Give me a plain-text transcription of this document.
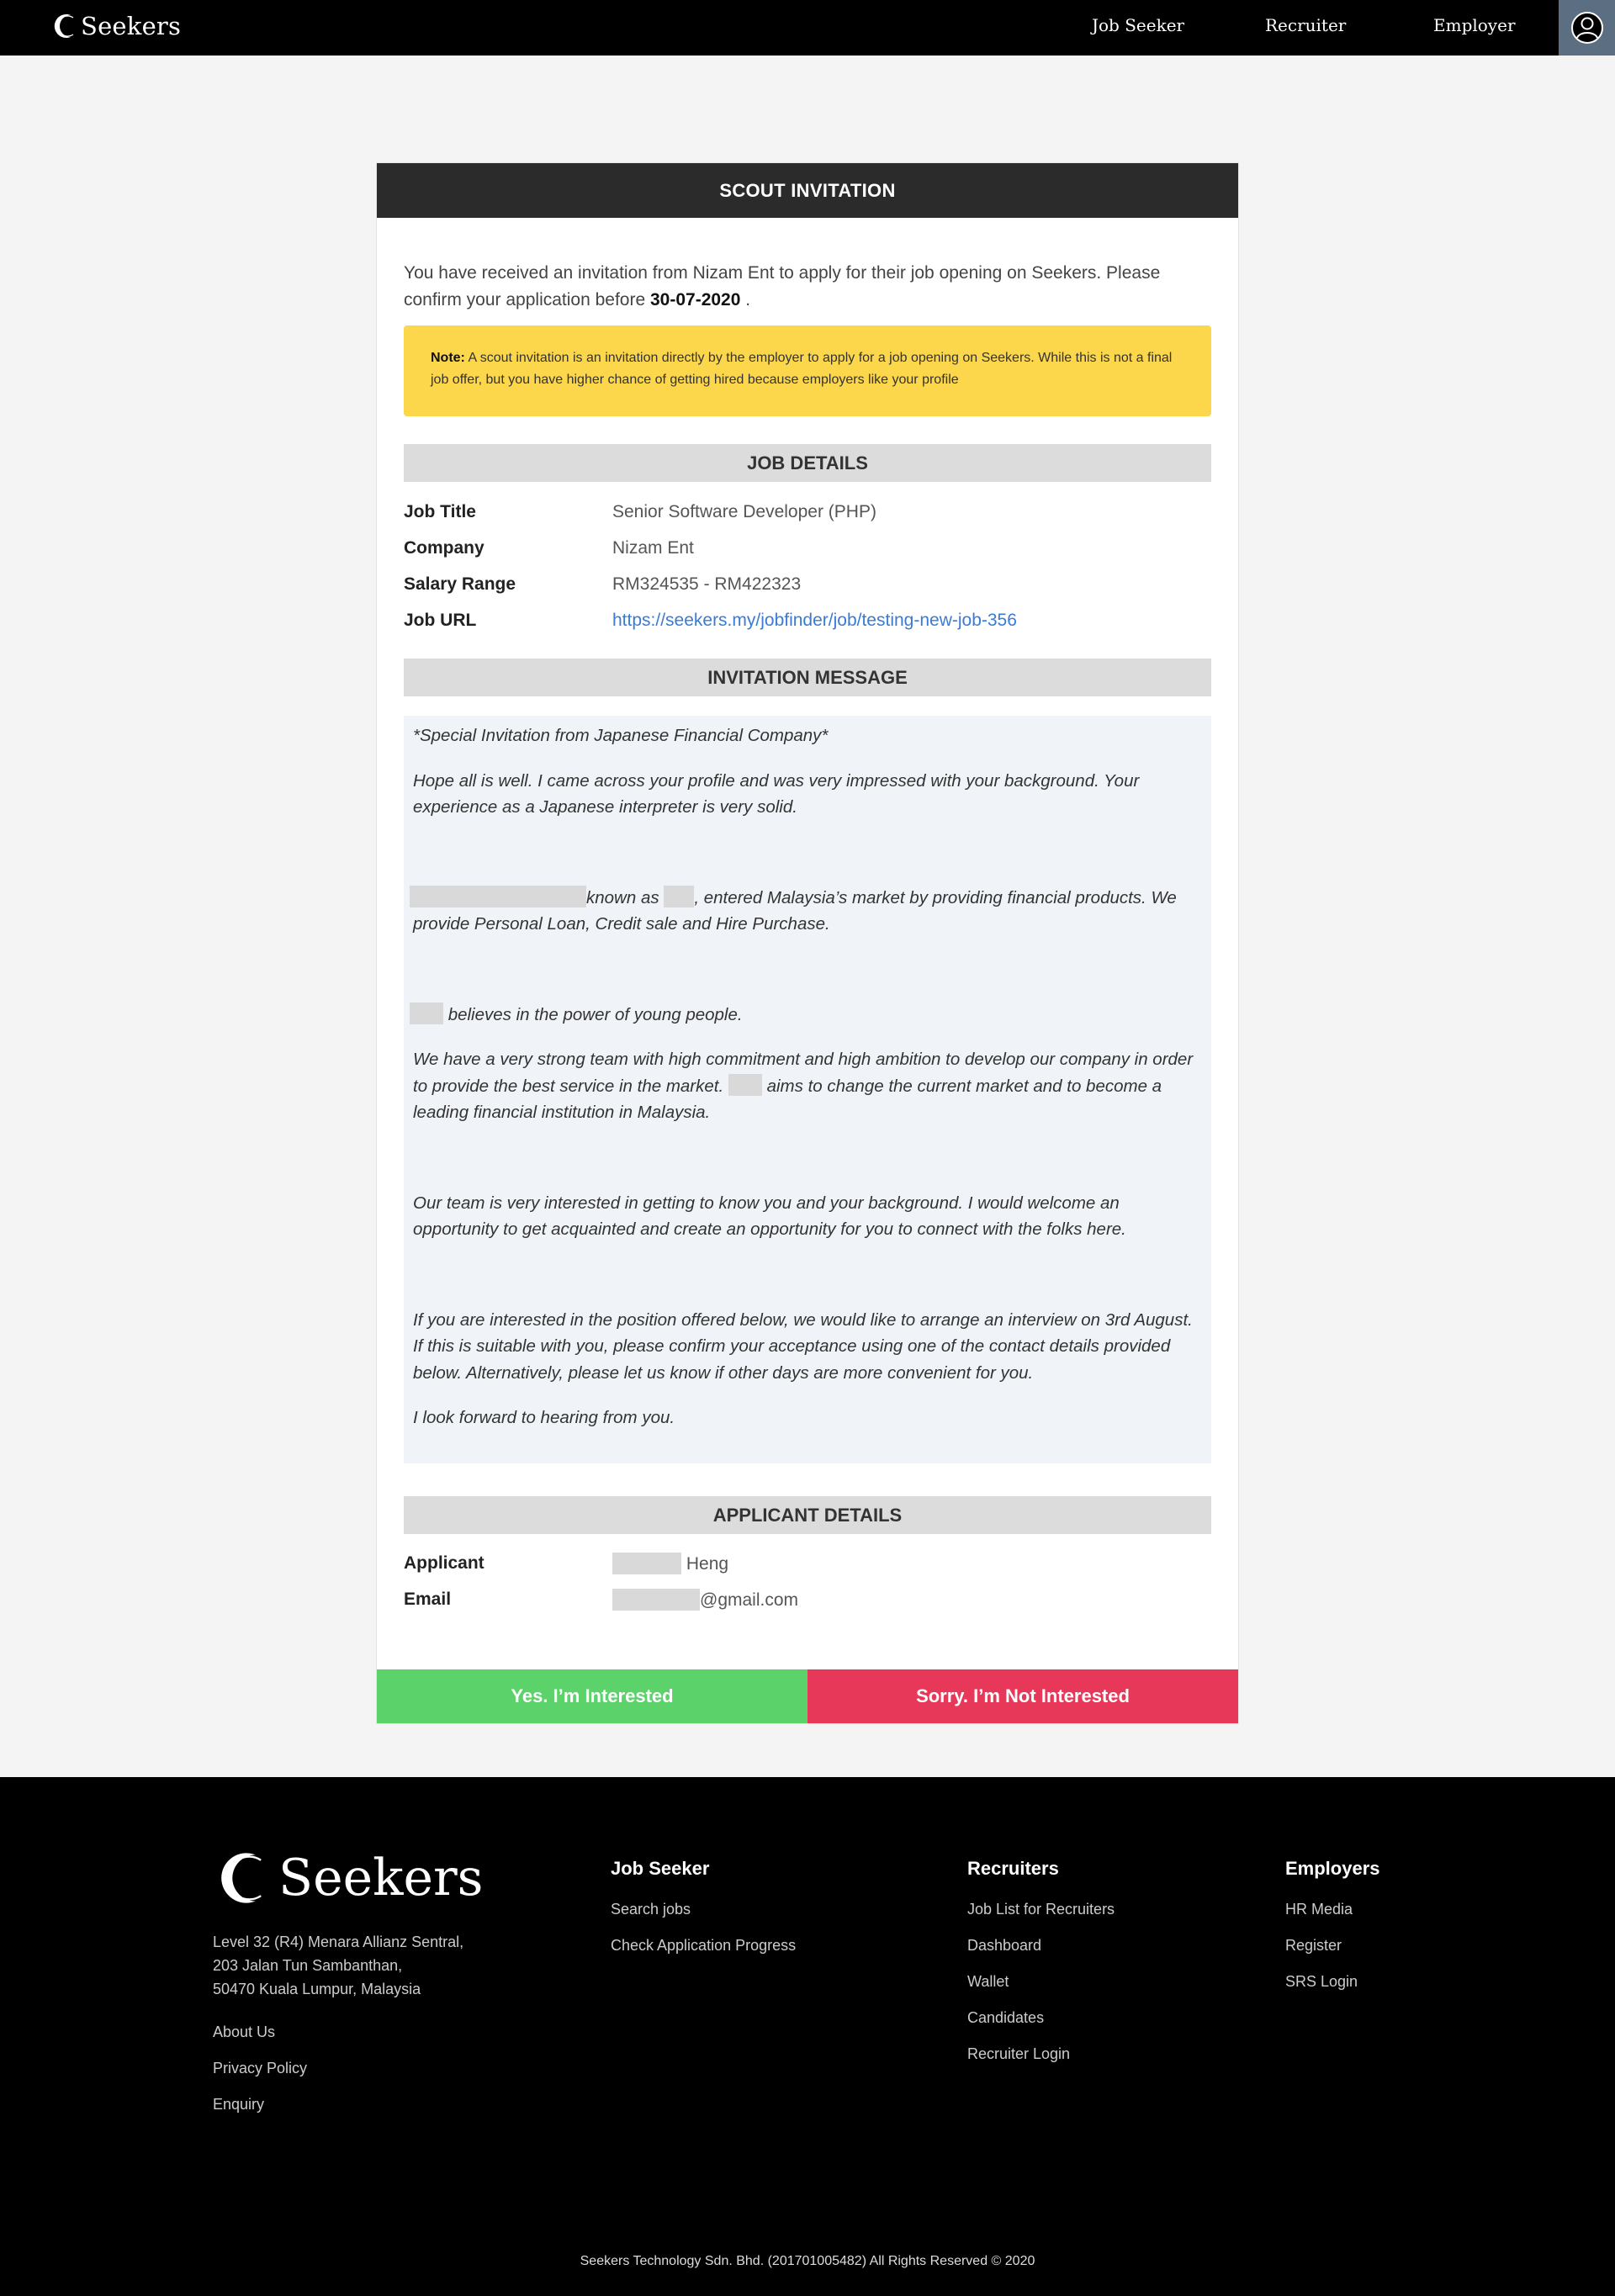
Seekers	Job Seeker	Recruiter	Employer
SCOUT INVITATION

You have received an invitation from Nizam Ent to apply for their job opening on Seekers. Please confirm your application before 30-07-2020 .

Note: A scout invitation is an invitation directly by the employer to apply for a job opening on Seekers. While this is not a final job offer, but you have higher chance of getting hired because employers like your profile
JOB DETAILS
Job Title	Senior Software Developer (PHP)
Company	Nizam Ent
Salary Range	RM324535 - RM422323
Job URL	https://seekers.my/jobfinder/job/testing-new-job-356
INVITATION MESSAGE

*Special Invitation from Japanese Financial Company*

Hope all is well. I came across your profile and was very impressed with your background. Your experience as a Japanese interpreter is very solid.

known as , entered Malaysia’s market by providing financial products. We provide Personal Loan, Credit sale and Hire Purchase.

believes in the power of young people.

We have a very strong team with high commitment and high ambition to develop our company in order to provide the best service in the market.	aims to change the current market and to become a leading financial institution in Malaysia.

Our team is very interested in getting to know you and your background. I would welcome an opportunity to get acquainted and create an opportunity for you to connect with the folks here.

If you are interested in the position offered below, we would like to arrange an interview on 3rd August. If this is suitable with you, please confirm your acceptance using one of the contact details provided below. Alternatively, please let us know if other days are more convenient for you.

I look forward to hearing from you.

APPLICANT DETAILS
Applicant	Heng
Email	@gmail.com
Yes. I’m Interested	Sorry. I’m Not Interested
Seekers
Level 32 (R4) Menara Allianz Sentral,
203 Jalan Tun Sambanthan,
50470 Kuala Lumpur, Malaysia
About Us
Privacy Policy
Enquiry
Job Seeker
Search jobs
Check Application Progress
Recruiters
Job List for Recruiters
Dashboard
Wallet
Candidates
Recruiter Login
Employers
HR Media
Register
SRS Login
Seekers Technology Sdn. Bhd. (201701005482) All Rights Reserved © 2020
